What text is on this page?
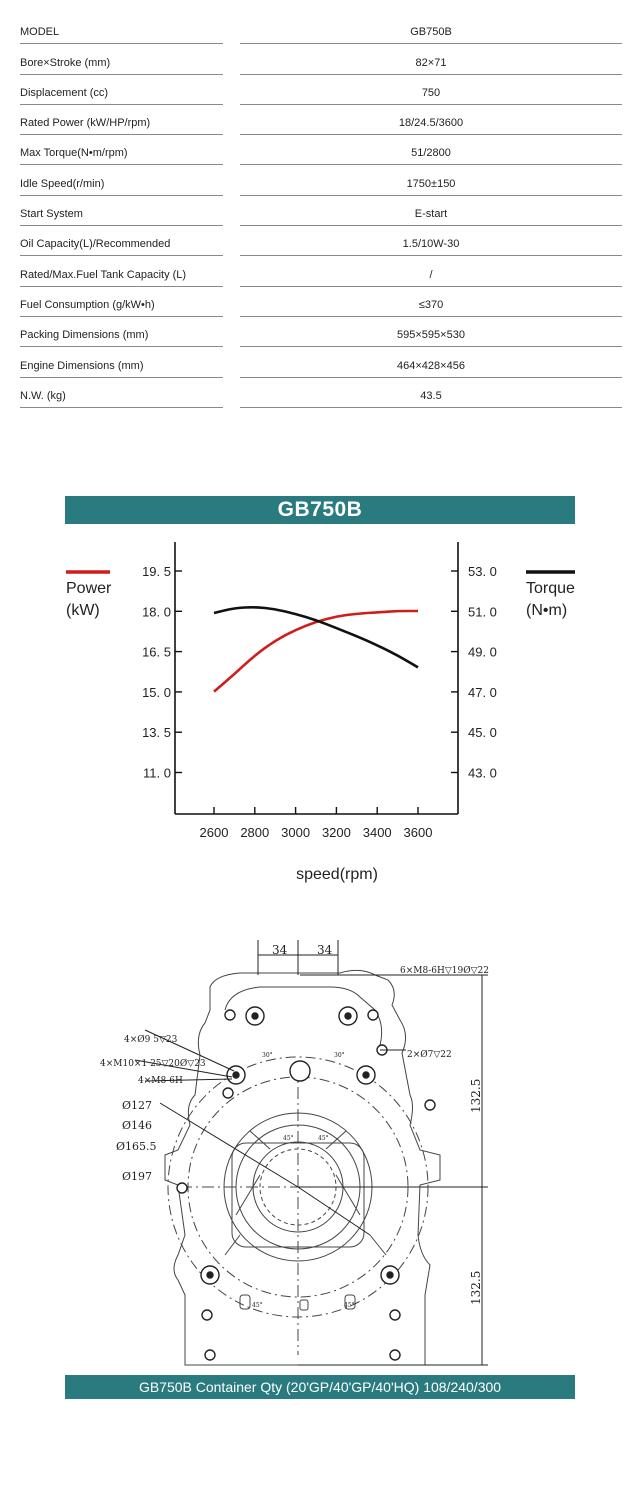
MODEL	GB750B
Bore×Stroke (mm)	82×71
Displacement (cc)	750
Rated Power (kW/HP/rpm)	18/24.5/3600
Max Torque(N•m/rpm)	51/2800
Idle Speed(r/min)	1750±150
Start System	E-start
Oil Capacity(L)/Recommended	1.5/10W-30
Rated/Max.Fuel Tank Capacity (L)	/
Fuel Consumption (g/kW•h)	≤370
Packing Dimensions (mm)	595×595×530
Engine Dimensions (mm)	464×428×456
N.W. (kg)	43.5
GB750B
19. 5
18. 0
16. 5
15. 0
13. 5
11. 0
53. 0
51. 0
49. 0
47. 0
45. 0
43. 0
2600 2800 3000 3200 3400 3600
Power
(kW)
Torque
(N•m)
speed(rpm)
34 34
6×M8-6H▽19Ø▽22
2×Ø7▽22
4×Ø9 5▽23
4×M10×1 25▽20Ø▽23
4×M8-6H
Ø127
Ø146
Ø165.5
Ø197
132.5
132.5
30°	30°
45°	45°
45°	45°
GB750B Container Qty (20'GP/40'GP/40'HQ) 108/240/300
